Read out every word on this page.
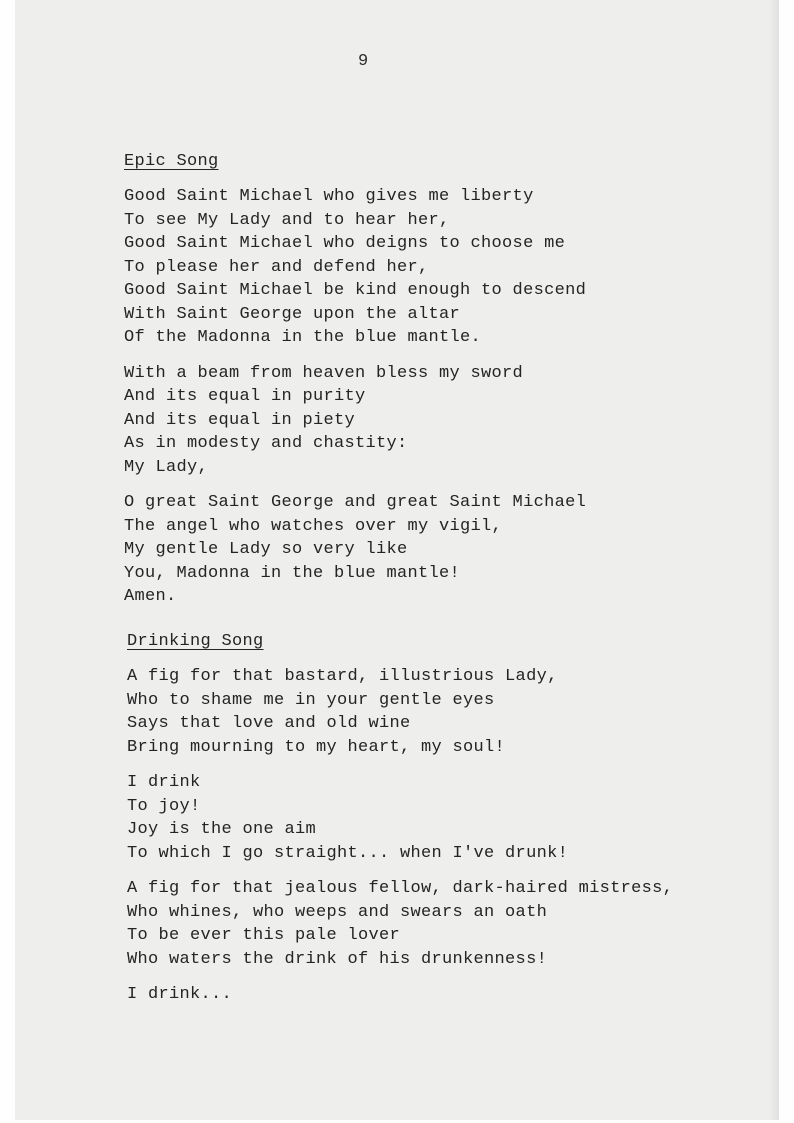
9
Epic Song
Good Saint Michael who gives me liberty
To see My Lady and to hear her,
Good Saint Michael who deigns to choose me
To please her and defend her,
Good Saint Michael be kind enough to descend
With Saint George upon the altar
Of the Madonna in the blue mantle.
With a beam from heaven bless my sword
And its equal in purity
And its equal in piety
As in modesty and chastity:
My Lady,
O great Saint George and great Saint Michael
The angel who watches over my vigil,
My gentle Lady so very like
You, Madonna in the blue mantle!
Amen.
Drinking Song
A fig for that bastard, illustrious Lady,
Who to shame me in your gentle eyes
Says that love and old wine
Bring mourning to my heart, my soul!
I drink
To joy!
Joy is the one aim
To which I go straight... when I've drunk!
A fig for that jealous fellow, dark-haired mistress,
Who whines, who weeps and swears an oath
To be ever this pale lover
Who waters the drink of his drunkenness!
I drink...
